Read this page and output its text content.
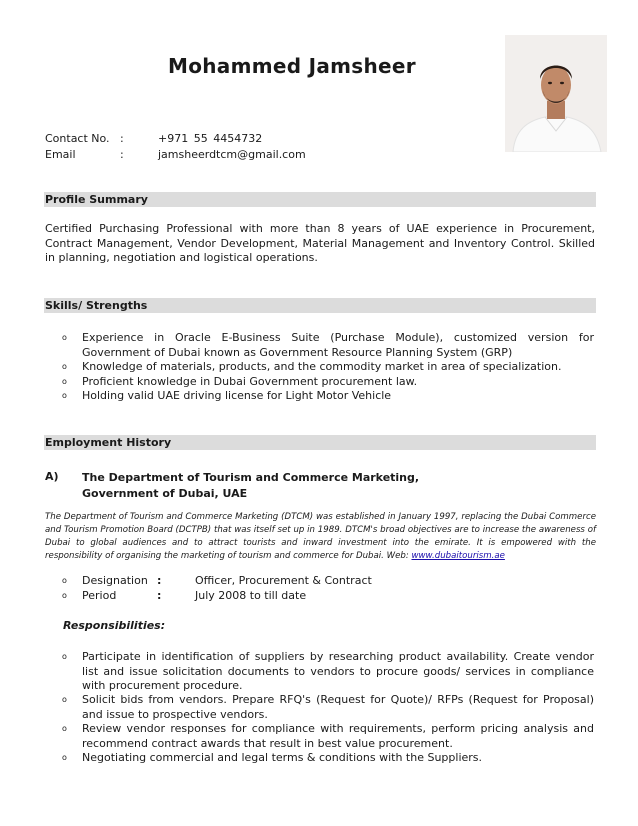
Mohammed Jamsheer
Contact No. :	+971 55 4454732
Email	:	jamsheerdtcm@gmail.com
Profile Summary
Certified Purchasing Professional with more than 8 years of UAE experience in Procurement, Contract Management, Vendor Development, Material Management and Inventory Control. Skilled in planning, negotiation and logistical operations.
Skills/ Strengths
o Experience in Oracle E-Business Suite (Purchase Module), customized version for Government of Dubai known as Government Resource Planning System (GRP)
o Knowledge of materials, products, and the commodity market in area of specialization.
o Proficient knowledge in Dubai Government procurement law.
o Holding valid UAE driving license for Light Motor Vehicle
Employment History
A) The Department of Tourism and Commerce Marketing,
Government of Dubai, UAE
The Department of Tourism and Commerce Marketing (DTCM) was established in January 1997, replacing the Dubai Commerce and Tourism Promotion Board (DCTPB) that was itself set up in 1989. DTCM's broad objectives are to increase the awareness of Dubai to global audiences and to attract tourists and inward investment into the emirate. It is empowered with the responsibility of organising the marketing of tourism and commerce for Dubai. Web: www.dubaitourism.ae
o Designation :	Officer, Procurement & Contract
o Period	:	July 2008 to till date
Responsibilities:
o Participate in identification of suppliers by researching product availability. Create vendor list and issue solicitation documents to vendors to procure goods/ services in compliance with procurement procedure.
o Solicit bids from vendors. Prepare RFQ's (Request for Quote)/ RFPs (Request for Proposal) and issue to prospective vendors.
o Review vendor responses for compliance with requirements, perform pricing analysis and recommend contract awards that result in best value procurement.
o Negotiating commercial and legal terms & conditions with the Suppliers.
